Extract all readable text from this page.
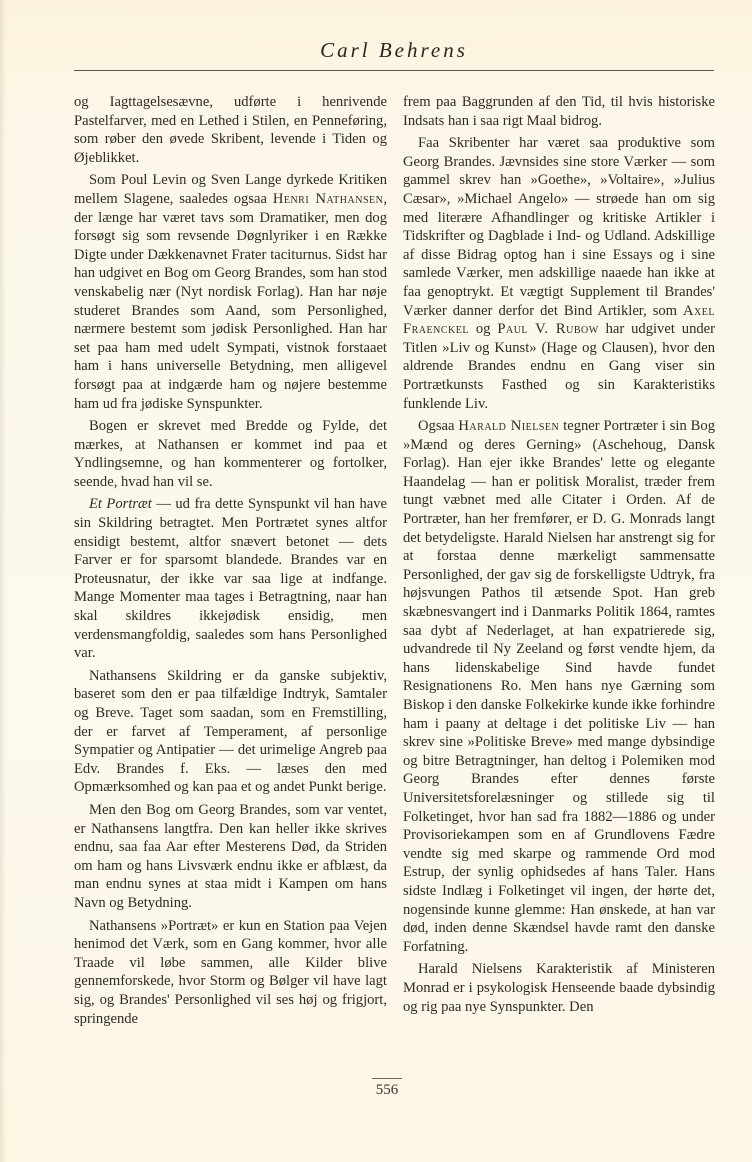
Carl Behrens

og Iagttagelsesævne, udførte i henrivende Pastelfarver, med en Lethed i Stilen, en Penneføring, som røber den øvede Skribent, levende i Tiden og Øjeblikket.

Som Poul Levin og Sven Lange dyrkede Kritiken mellem Slagene, saaledes ogsaa Henri Nathansen, der længe har været tavs som Dramatiker, men dog forsøgt sig som revsende Døgnlyriker i en Række Digte under Dækkenavnet Frater taciturnus. Sidst har han udgivet en Bog om Georg Brandes, som han stod venskabelig nær (Nyt nordisk Forlag). Han har nøje studeret Brandes som Aand, som Personlighed, nærmere bestemt som jødisk Personlighed. Han har set paa ham med udelt Sympati, vistnok forstaaet ham i hans universelle Betydning, men alligevel forsøgt paa at indgærde ham og nøjere bestemme ham ud fra jødiske Synspunkter.

Bogen er skrevet med Bredde og Fylde, det mærkes, at Nathansen er kommet ind paa et Yndlingsemne, og han kommenterer og fortolker, seende, hvad han vil se.

Et Portræt — ud fra dette Synspunkt vil han have sin Skildring betragtet. Men Portrætet synes altfor ensidigt bestemt, altfor snævert betonet — dets Farver er for sparsomt blandede. Brandes var en Proteusnatur, der ikke var saa lige at indfange. Mange Momenter maa tages i Betragtning, naar han skal skildres ikkejødisk ensidig, men verdensmangfoldig, saaledes som hans Personlighed var.

Nathansens Skildring er da ganske subjektiv, baseret som den er paa tilfældige Indtryk, Samtaler og Breve. Taget som saadan, som en Fremstilling, der er farvet af Temperament, af personlige Sympatier og Antipatier — det urimelige Angreb paa Edv. Brandes f. Eks. — læses den med Opmærksomhed og kan paa et og andet Punkt berige.

Men den Bog om Georg Brandes, som var ventet, er Nathansens langtfra. Den kan heller ikke skrives endnu, saa faa Aar efter Mesterens Død, da Striden om ham og hans Livsværk endnu ikke er afblæst, da man endnu synes at staa midt i Kampen om hans Navn og Betydning.

Nathansens »Portræt» er kun en Station paa Vejen henimod det Værk, som en Gang kommer, hvor alle Traade vil løbe sammen, alle Kilder blive gennemforskede, hvor Storm og Bølger vil have lagt sig, og Brandes' Personlighed vil ses høj og frigjort, springende

frem paa Baggrunden af den Tid, til hvis historiske Indsats han i saa rigt Maal bidrog.

Faa Skribenter har været saa produktive som Georg Brandes. Jævnsides sine store Værker — som gammel skrev han »Goethe», »Voltaire», »Julius Cæsar», »Michael Angelo» — strøede han om sig med literære Afhandlinger og kritiske Artikler i Tidskrifter og Dagblade i Ind- og Udland. Adskillige af disse Bidrag optog han i sine Essays og i sine samlede Værker, men adskillige naaede han ikke at faa genoptrykt. Et vægtigt Supplement til Brandes' Værker danner derfor det Bind Artikler, som Axel Fraenckel og Paul V. Rubow har udgivet under Titlen »Liv og Kunst» (Hage og Clausen), hvor den aldrende Brandes endnu en Gang viser sin Portrætkunsts Fasthed og sin Karakteristiks funklende Liv.

Ogsaa Harald Nielsen tegner Portræter i sin Bog »Mænd og deres Gerning» (Aschehoug, Dansk Forlag). Han ejer ikke Brandes' lette og elegante Haandelag — han er politisk Moralist, træder frem tungt væbnet med alle Citater i Orden. Af de Portræter, han her fremfører, er D. G. Monrads langt det betydeligste. Harald Nielsen har anstrengt sig for at forstaa denne mærkeligt sammensatte Personlighed, der gav sig de forskelligste Udtryk, fra højsvungen Pathos til ætsende Spot. Han greb skæbnesvangert ind i Danmarks Politik 1864, ramtes saa dybt af Nederlaget, at han expatrierede sig, udvandrede til Ny Zeeland og først vendte hjem, da hans lidenskabelige Sind havde fundet Resignationens Ro. Men hans nye Gærning som Biskop i den danske Folkekirke kunde ikke forhindre ham i paany at deltage i det politiske Liv — han skrev sine »Politiske Breve» med mange dybsindige og bitre Betragtninger, han deltog i Polemiken mod Georg Brandes efter dennes første Universitetsforelæsninger og stillede sig til Folketinget, hvor han sad fra 1882—1886 og under Provisoriekampen som en af Grundlovens Fædre vendte sig med skarpe og rammende Ord mod Estrup, der synlig ophidsedes af hans Taler. Hans sidste Indlæg i Folketinget vil ingen, der hørte det, nogensinde kunne glemme: Han ønskede, at han var død, inden denne Skændsel havde ramt den danske Forfatning.

Harald Nielsens Karakteristik af Ministeren Monrad er i psykologisk Henseende baade dybsindig og rig paa nye Synspunkter. Den

556
